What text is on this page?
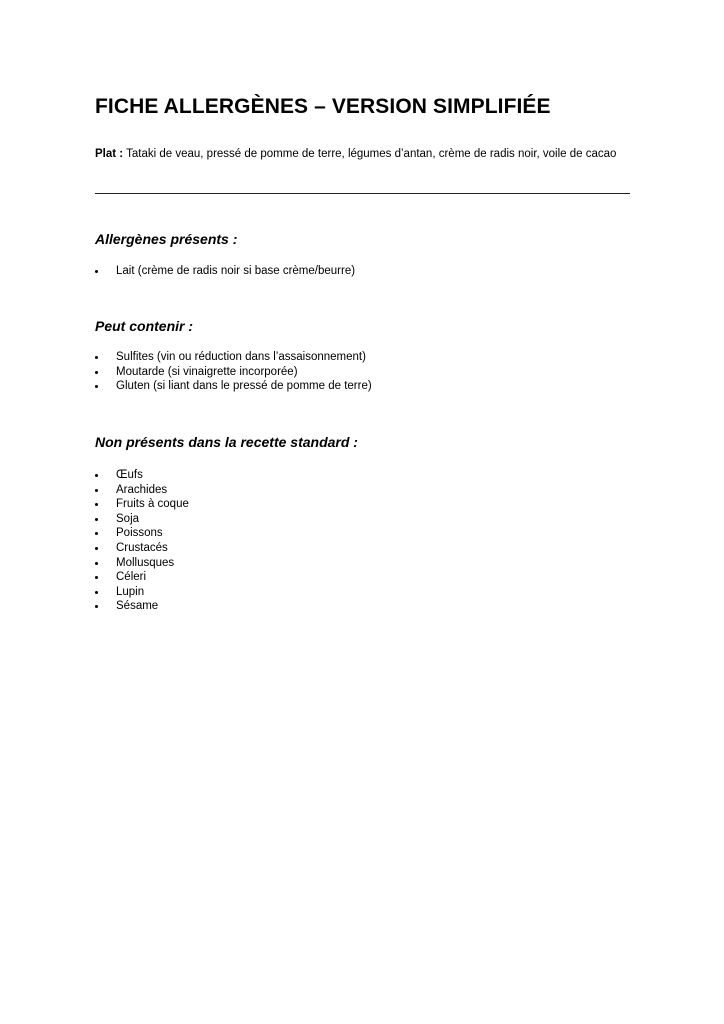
FICHE ALLERGÈNES – VERSION SIMPLIFIÉE

Plat : Tataki de veau, pressé de pomme de terre, légumes d’antan, crème de radis noir, voile de cacao

Allergènes présents :
Lait (crème de radis noir si base crème/beurre)
Peut contenir :
Sulfites (vin ou réduction dans l’assaisonnement)
Moutarde (si vinaigrette incorporée)
Gluten (si liant dans le pressé de pomme de terre)
Non présents dans la recette standard :
Œufs
Arachides
Fruits à coque
Soja
Poissons
Crustacés
Mollusques
Céleri
Lupin
Sésame
